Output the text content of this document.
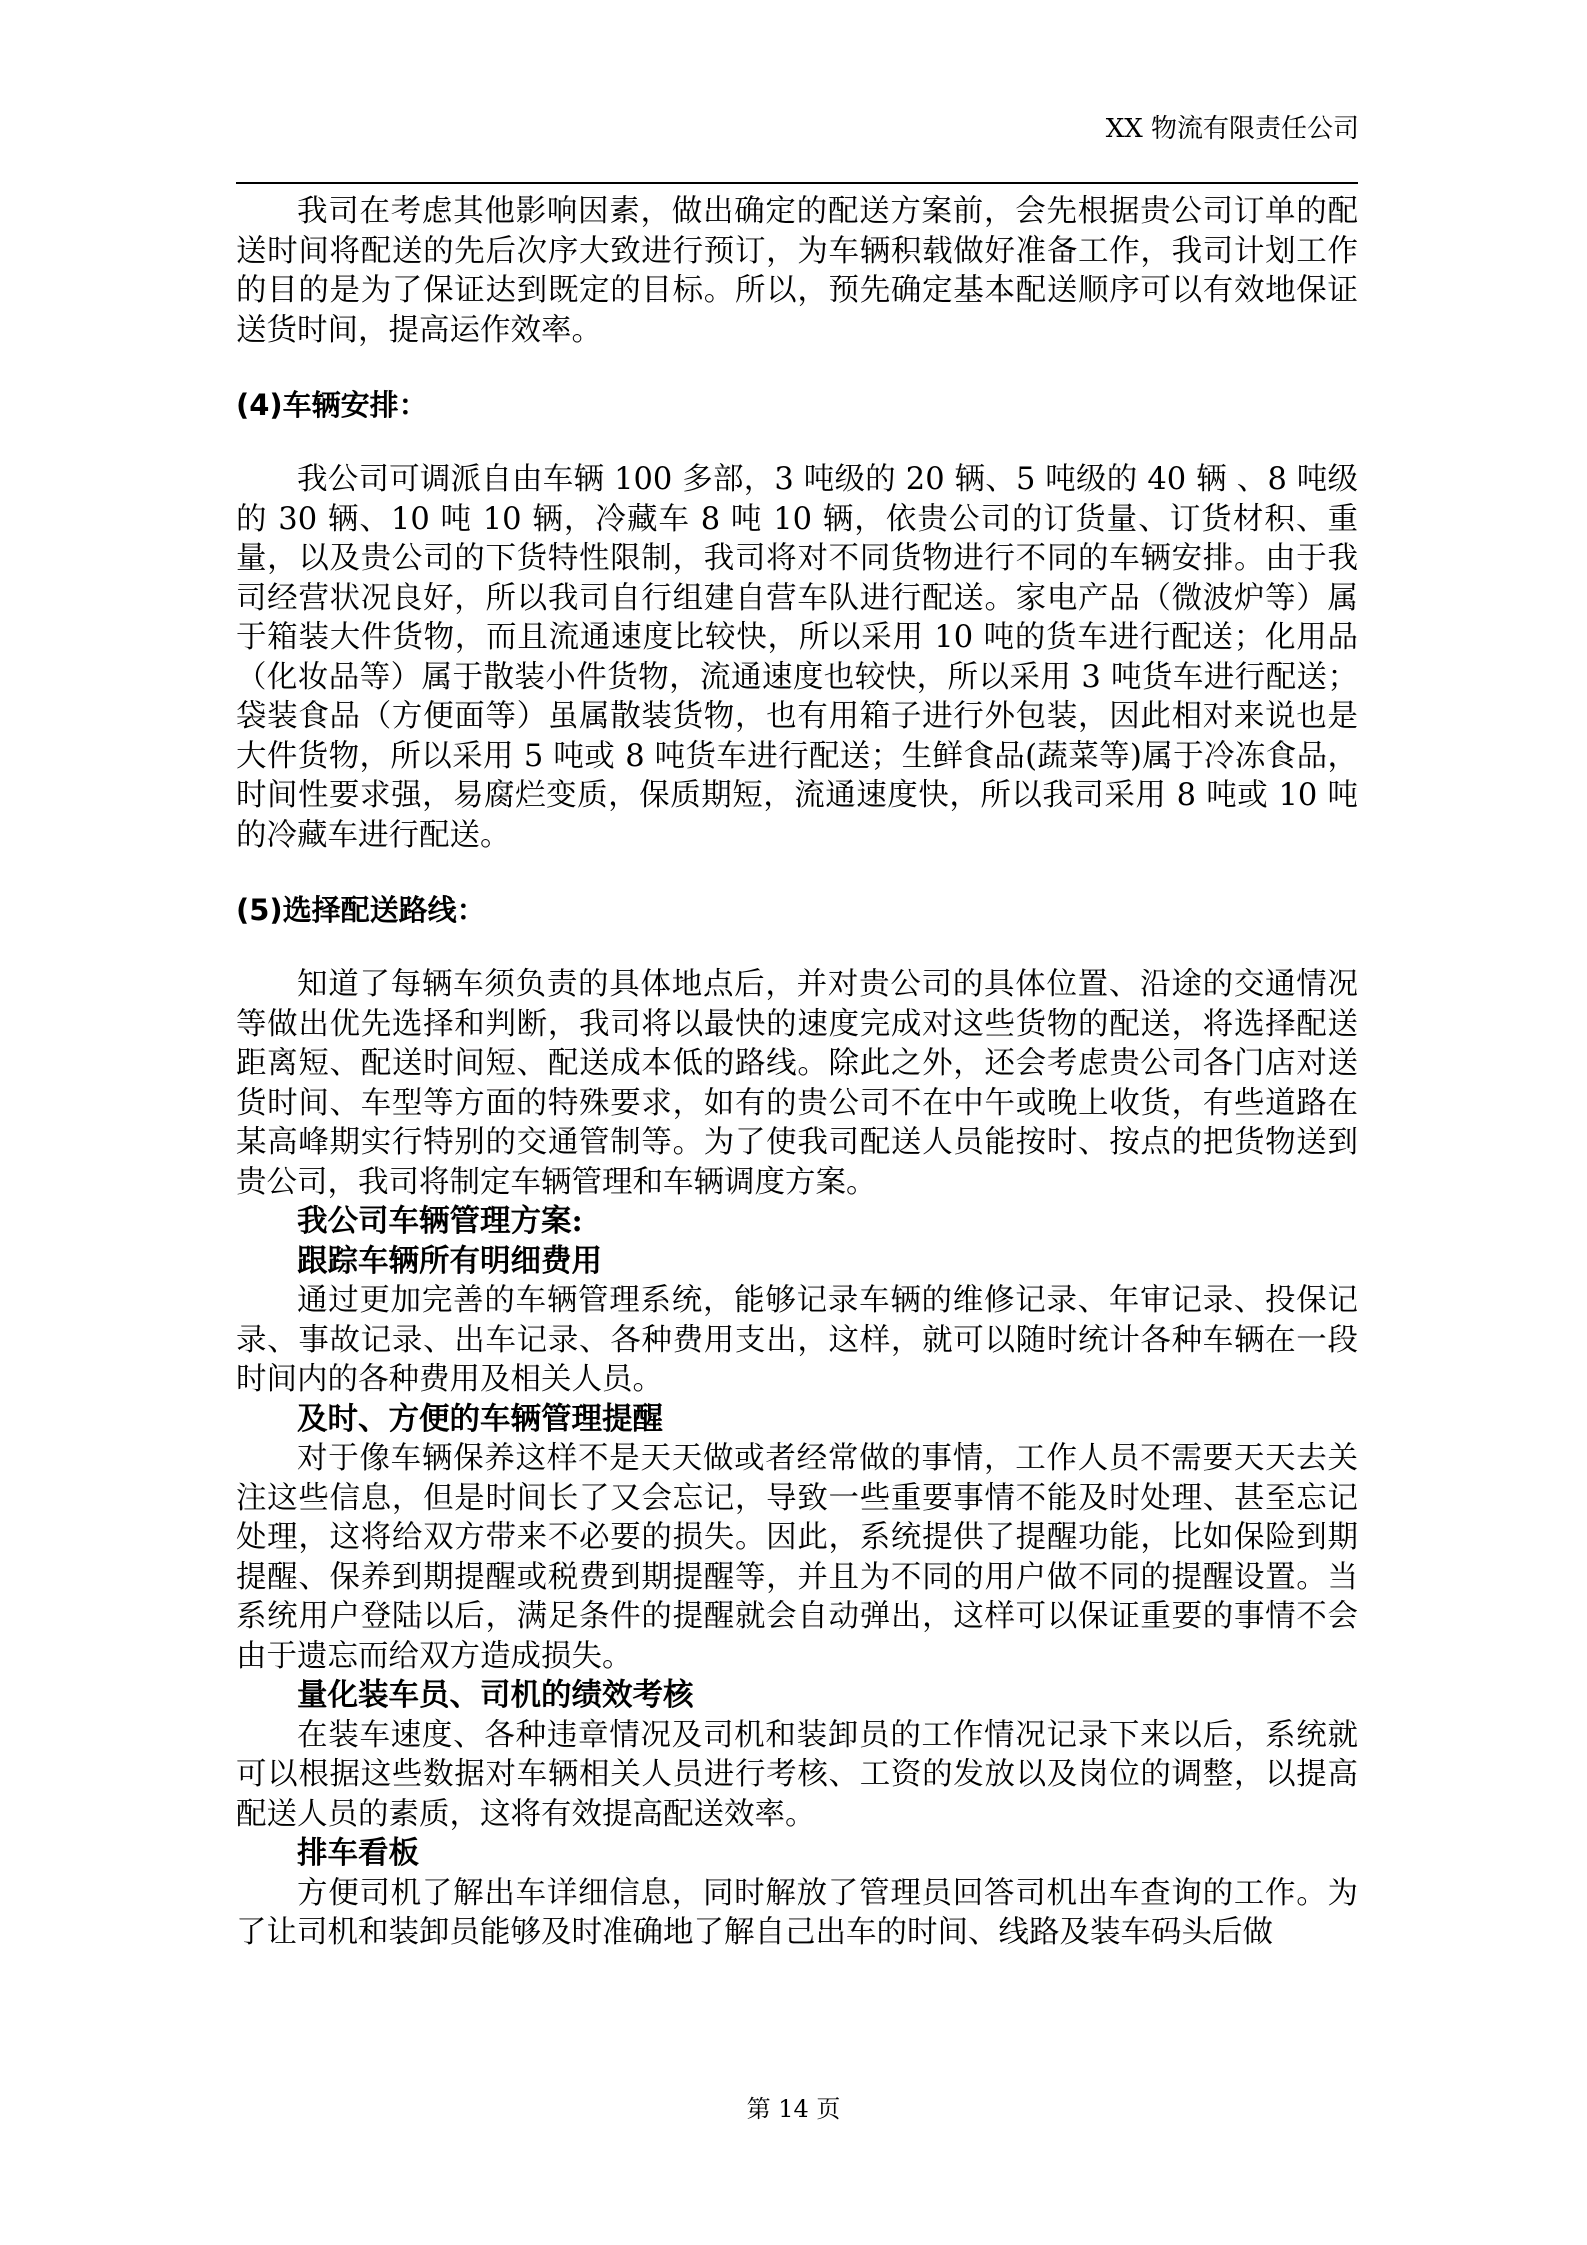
XX 物流有限责任公司

我司在考虑其他影响因素，做出确定的配送方案前，会先根据贵公司订单的配送时间将配送的先后次序大致进行预订，为车辆积载做好准备工作，我司计划工作的目的是为了保证达到既定的目标。所以，预先确定基本配送顺序可以有效地保证送货时间，提高运作效率。

(4)车辆安排：

我公司可调派自由车辆 100 多部，3 吨级的 20 辆、5 吨级的 40 辆 、8 吨级的 30 辆、10 吨 10 辆，冷藏车 8 吨 10 辆，依贵公司的订货量、订货材积、重量，以及贵公司的下货特性限制，我司将对不同货物进行不同的车辆安排。由于我司经营状况良好，所以我司自行组建自营车队进行配送。家电产品（微波炉等）属于箱装大件货物，而且流通速度比较快，所以采用 10 吨的货车进行配送；化用品（化妆品等）属于散装小件货物，流通速度也较快，所以采用 3 吨货车进行配送；袋装食品（方便面等）虽属散装货物，也有用箱子进行外包装，因此相对来说也是大件货物，所以采用 5 吨或 8 吨货车进行配送；生鲜食品(蔬菜等)属于冷冻食品，时间性要求强，易腐烂变质，保质期短，流通速度快，所以我司采用 8 吨或 10 吨的冷藏车进行配送。

(5)选择配送路线：

知道了每辆车须负责的具体地点后，并对贵公司的具体位置、沿途的交通情况等做出优先选择和判断，我司将以最快的速度完成对这些货物的配送，将选择配送距离短、配送时间短、配送成本低的路线。除此之外，还会考虑贵公司各门店对送货时间、车型等方面的特殊要求，如有的贵公司不在中午或晚上收货，有些道路在某高峰期实行特别的交通管制等。为了使我司配送人员能按时、按点的把货物送到贵公司，我司将制定车辆管理和车辆调度方案。

我公司车辆管理方案:

跟踪车辆所有明细费用

通过更加完善的车辆管理系统，能够记录车辆的维修记录、年审记录、投保记录、事故记录、出车记录、各种费用支出，这样，就可以随时统计各种车辆在一段时间内的各种费用及相关人员。

及时、方便的车辆管理提醒

对于像车辆保养这样不是天天做或者经常做的事情，工作人员不需要天天去关注这些信息，但是时间长了又会忘记，导致一些重要事情不能及时处理、甚至忘记处理，这将给双方带来不必要的损失。因此，系统提供了提醒功能，比如保险到期提醒、保养到期提醒或税费到期提醒等，并且为不同的用户做不同的提醒设置。当系统用户登陆以后，满足条件的提醒就会自动弹出，这样可以保证重要的事情不会由于遗忘而给双方造成损失。

量化装车员、司机的绩效考核

在装车速度、各种违章情况及司机和装卸员的工作情况记录下来以后，系统就可以根据这些数据对车辆相关人员进行考核、工资的发放以及岗位的调整，以提高配送人员的素质，这将有效提高配送效率。

排车看板

方便司机了解出车详细信息，同时解放了管理员回答司机出车查询的工作。为了让司机和装卸员能够及时准确地了解自己出车的时间、线路及装车码头后做

第 14 页
